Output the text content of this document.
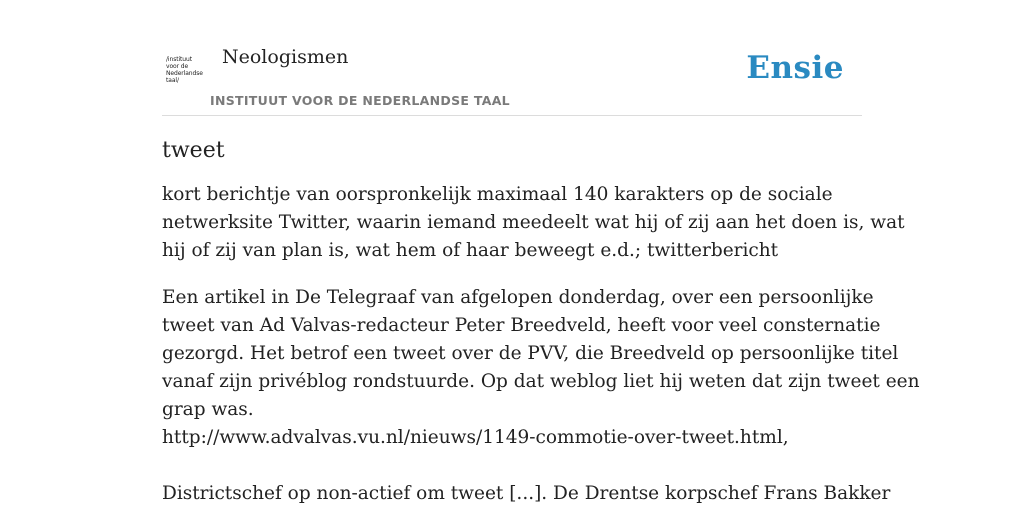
/instituut
voor de
Nederlandse
taal/
Neologismen
INSTITUUT VOOR DE NEDERLANDSE TAAL
Ensie
tweet

kort berichtje van oorspronkelijk maximaal 140 karakters op de sociale
netwerksite Twitter, waarin iemand meedeelt wat hij of zij aan het doen is, wat
hij of zij van plan is, wat hem of haar beweegt e.d.; twitterbericht

Een artikel in De Telegraaf van afgelopen donderdag, over een persoonlijke
tweet van Ad Valvas-redacteur Peter Breedveld, heeft voor veel consternatie
gezorgd. Het betrof een tweet over de PVV, die Breedveld op persoonlijke titel
vanaf zijn privéblog rondstuurde. Op dat weblog liet hij weten dat zijn tweet een
grap was.
http://www.advalvas.vu.nl/nieuws/1149-commotie-over-tweet.html,
Districtschef op non-actief om tweet [...]. De Drentse korpschef Frans Bakker
